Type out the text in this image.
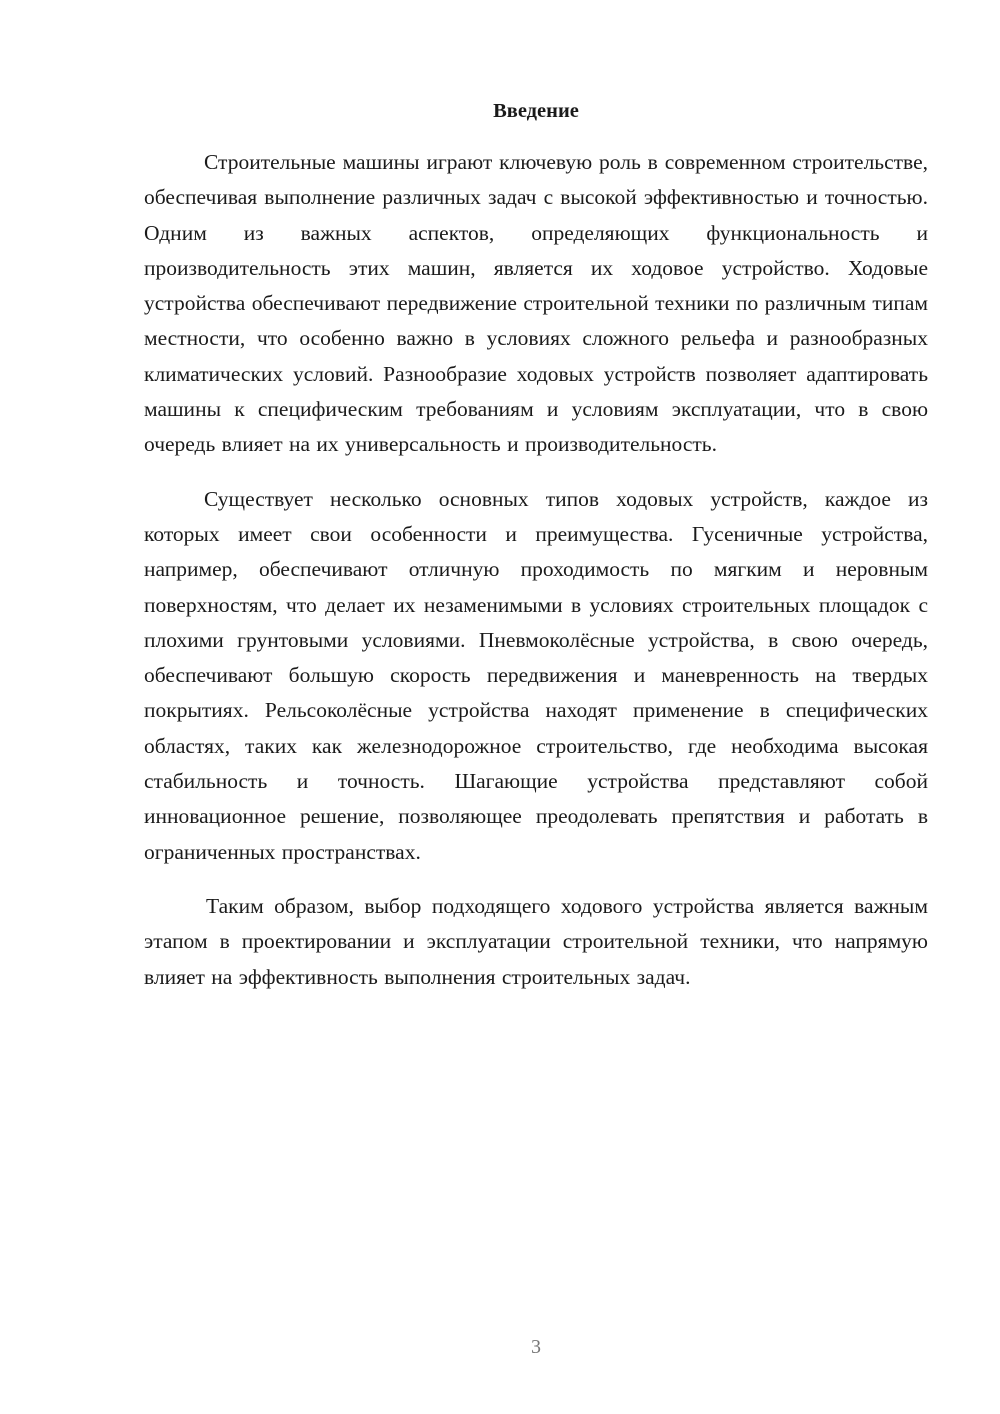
Введение

Строительные машины играют ключевую роль в современном строительстве, обеспечивая выполнение различных задач с высокой эффективностью и точностью. Одним из важных аспектов, определяющих функциональность и производительность этих машин, является их ходовое устройство. Ходовые устройства обеспечивают передвижение строительной техники по различным типам местности, что особенно важно в условиях сложного рельефа и разнообразных климатических условий. Разнообразие ходовых устройств позволяет адаптировать машины к специфическим требованиям и условиям эксплуатации, что в свою очередь влияет на их универсальность и производительность.

Существует несколько основных типов ходовых устройств, каждое из которых имеет свои особенности и преимущества. Гусеничные устройства, например, обеспечивают отличную проходимость по мягким и неровным поверхностям, что делает их незаменимыми в условиях строительных площадок с плохими грунтовыми условиями. Пневмоколёсные устройства, в свою очередь, обеспечивают большую скорость передвижения и маневренность на твердых покрытиях. Рельсоколёсные устройства находят применение в специфических областях, таких как железнодорожное строительство, где необходима высокая стабильность и точность. Шагающие устройства представляют собой инновационное решение, позволяющее преодолевать препятствия и работать в ограниченных пространствах.

Таким образом, выбор подходящего ходового устройства является важным этапом в проектировании и эксплуатации строительной техники, что напрямую влияет на эффективность выполнения строительных задач.

3
